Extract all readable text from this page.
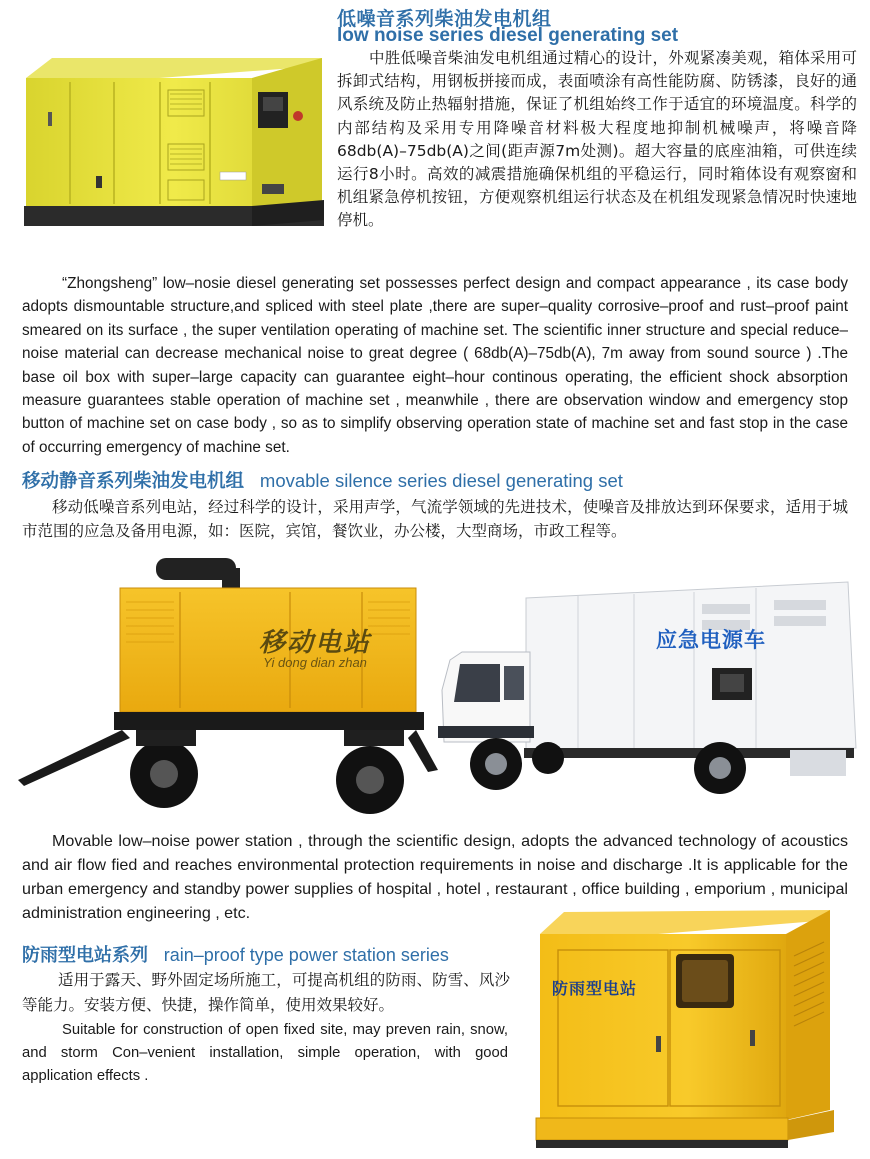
低噪音系列柴油发电机组
low noise series diesel generating set

中胜低噪音柴油发电机组通过精心的设计，外观紧凑美观，箱体采用可拆卸式结构，用钢板拼接而成，表面喷涂有高性能防腐、防锈漆，良好的通风系统及防止热辐射措施，保证了机组始终工作于适宜的环境温度。科学的内部结构及采用专用降噪音材料极大程度地抑制机械噪声，将噪音降68db(A)–75db(A)之间(距声源7m处测)。超大容量的底座油箱，可供连续运行8小时。高效的减震措施确保机组的平稳运行，同时箱体设有观察窗和机组紧急停机按钮，方便观察机组运行状态及在机组发现紧急情况时快速地停机。

“Zhongsheng” low–nosie diesel generating set possesses perfect design and compact appearance , its case body adopts dismountable structure,and spliced with steel plate ,there are super–quality corrosive–proof and rust–proof paint smeared on its surface , the super ventilation operating of machine set. The scientific inner structure and special reduce–noise material can decrease mechanical noise to great degree ( 68db(A)–75db(A), 7m away from sound source ) .The base oil box with super–large capacity can guarantee eight–hour continous operating, the efficient shock absorption measure guarantees stable operation of machine set , meanwhile , there are observation window and emergency stop button of machine set on case body , so as to simplify observing operation state of machine set and fast stop in the case of occurring emergency of machine set.

移动静音系列柴油发电机组 movable silence series diesel generating set

移动低噪音系列电站，经过科学的设计，采用声学，气流学领域的先进技术，使噪音及排放达到环保要求，适用于城市范围的应急及备用电源，如：医院，宾馆，餐饮业，办公楼，大型商场，市政工程等。

移动电站
Yi dong dian zhan
应急电源车

Movable low–noise power station , through the scientific design, adopts the advanced technology of acoustics and air flow fied and reaches environmental protection requirements in noise and discharge .It is applicable for the urban emergency and standby power supplies of hospital , hotel , restaurant , office building , emporium , municipal administration engineering , etc.

防雨型电站系列 rain–proof type power station series

适用于露天、野外固定场所施工，可提高机组的防雨、防雪、风沙等能力。安装方便、快捷，操作简单，使用效果较好。

Suitable for construction of open fixed site, may preven rain, snow, and storm Con–venient installation, simple operation, with good application effects .

防雨型电站
